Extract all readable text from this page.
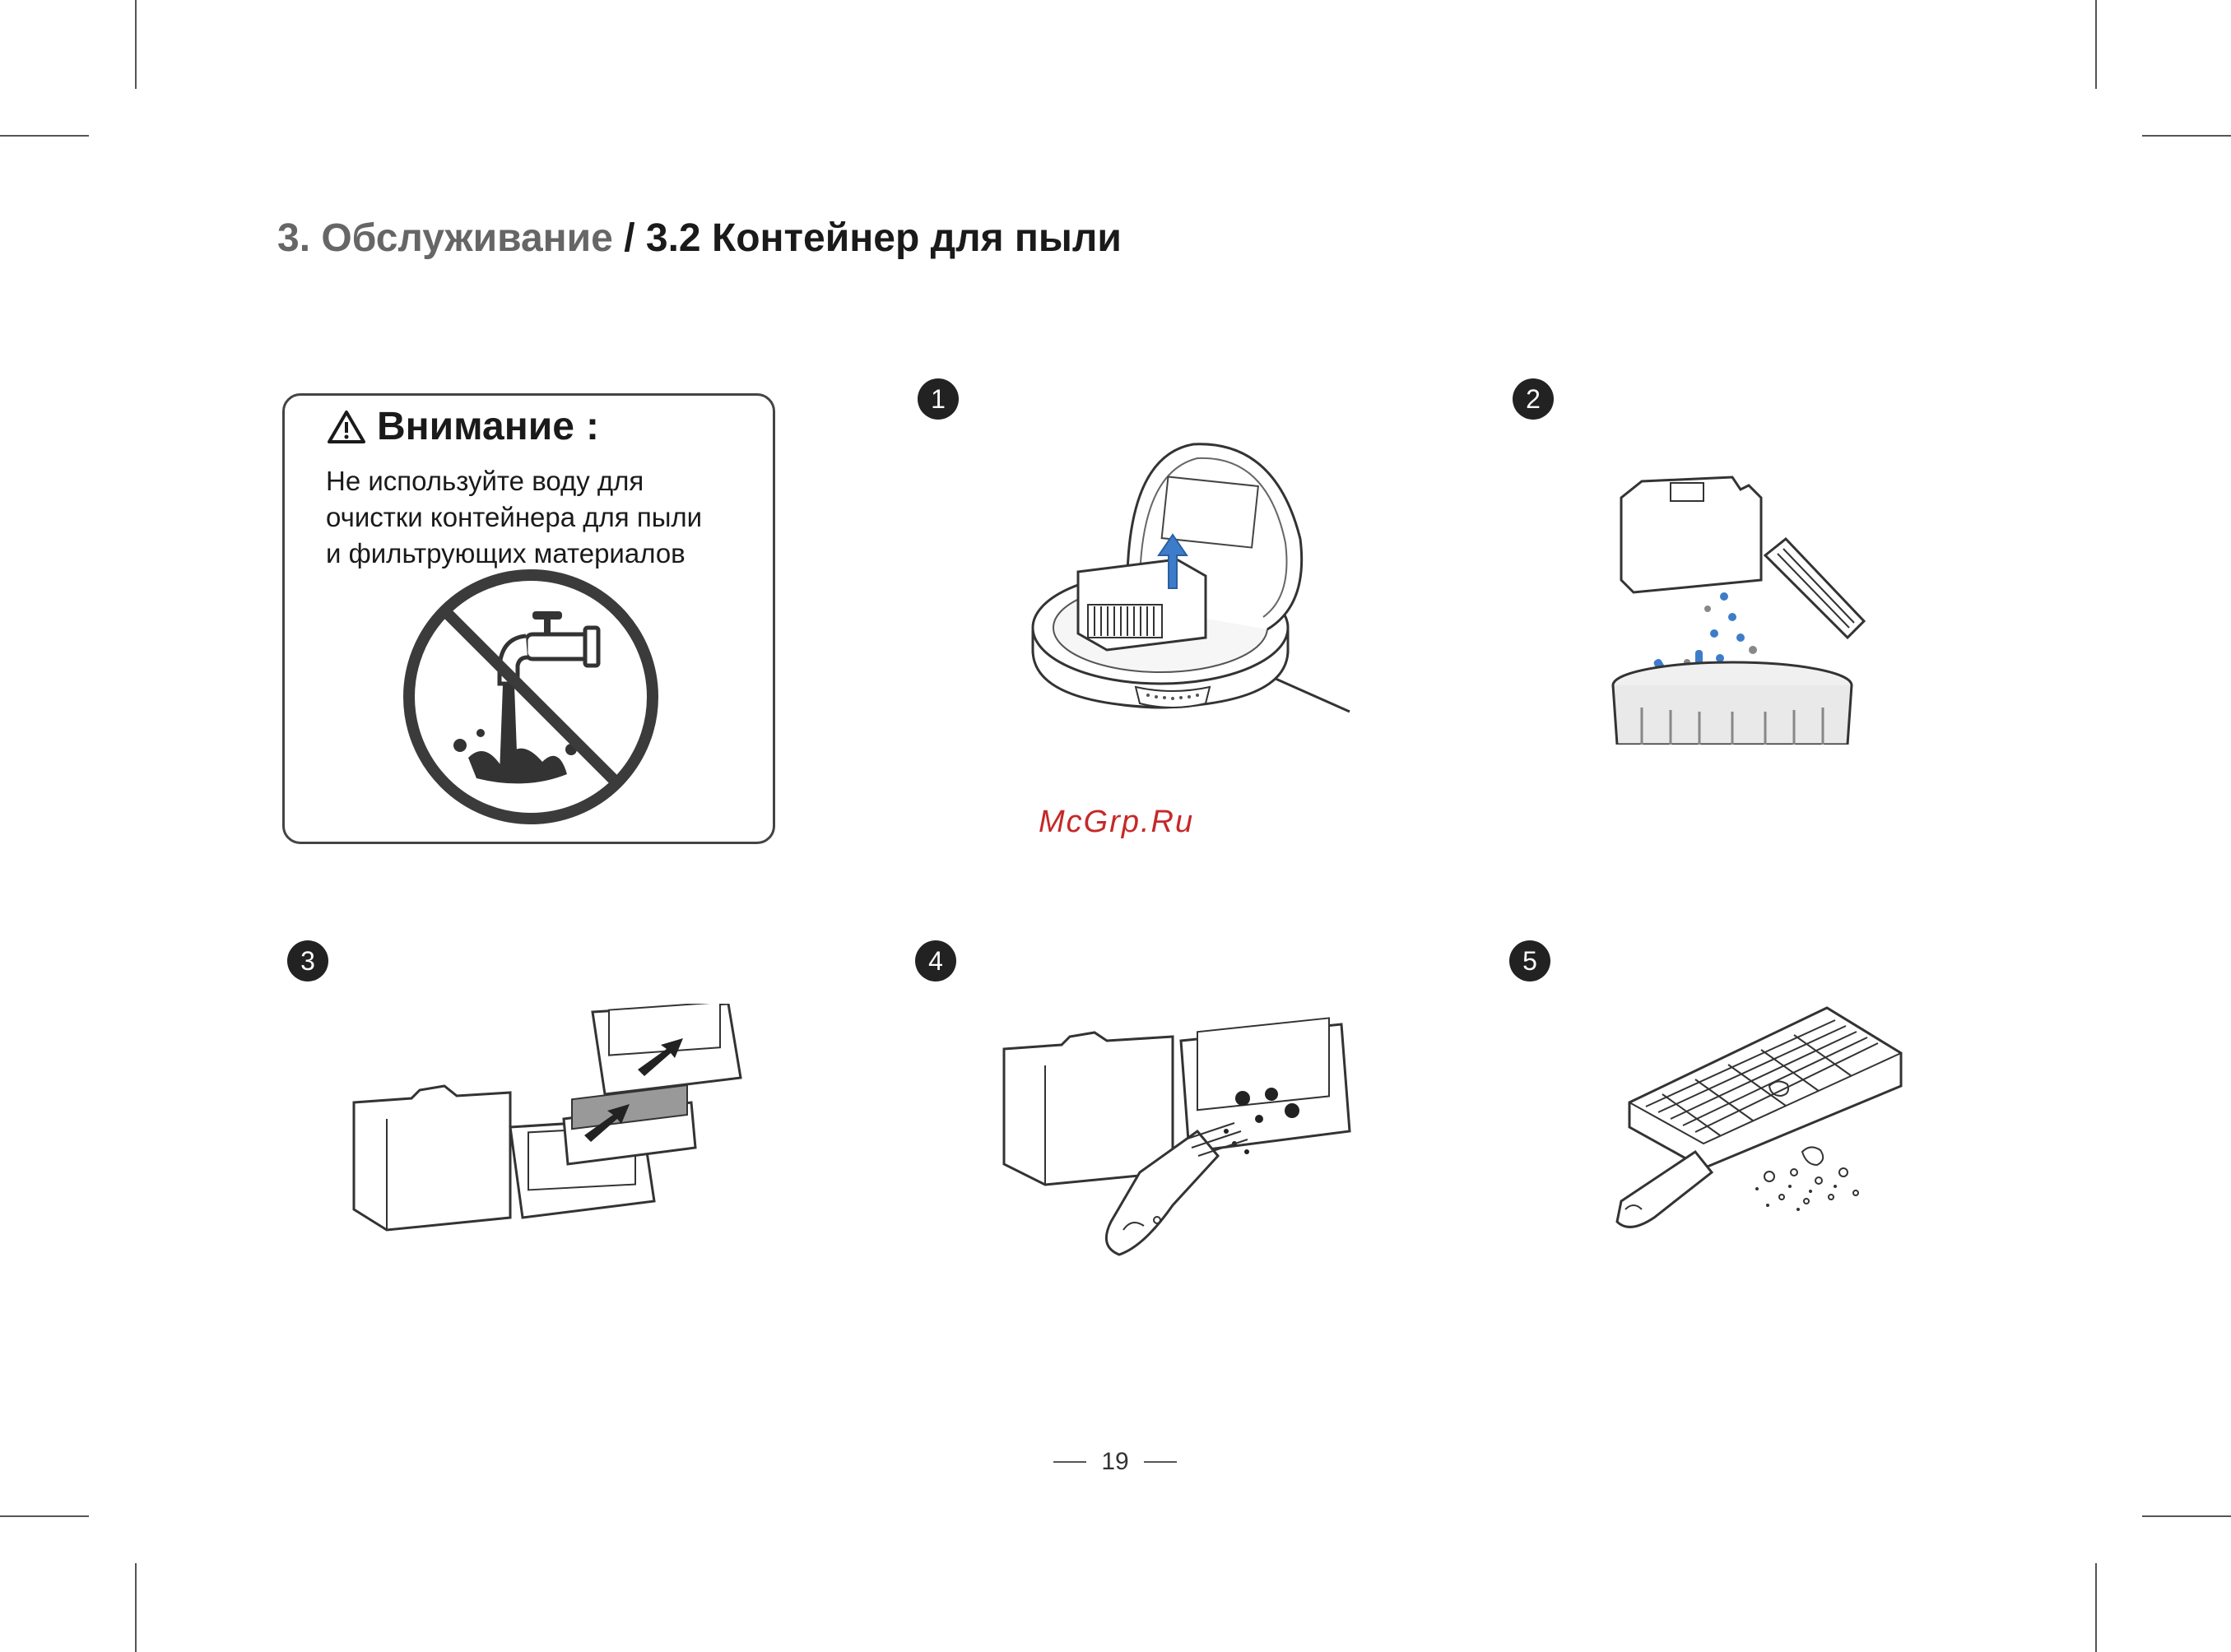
3. Обслуживание / 3.2 Контейнер для пыли
Внимание :
Не используйте воду для
очистки контейнера для пыли
и фильтрующих материалов
1	2
3	4	5
McGrp.Ru
19
